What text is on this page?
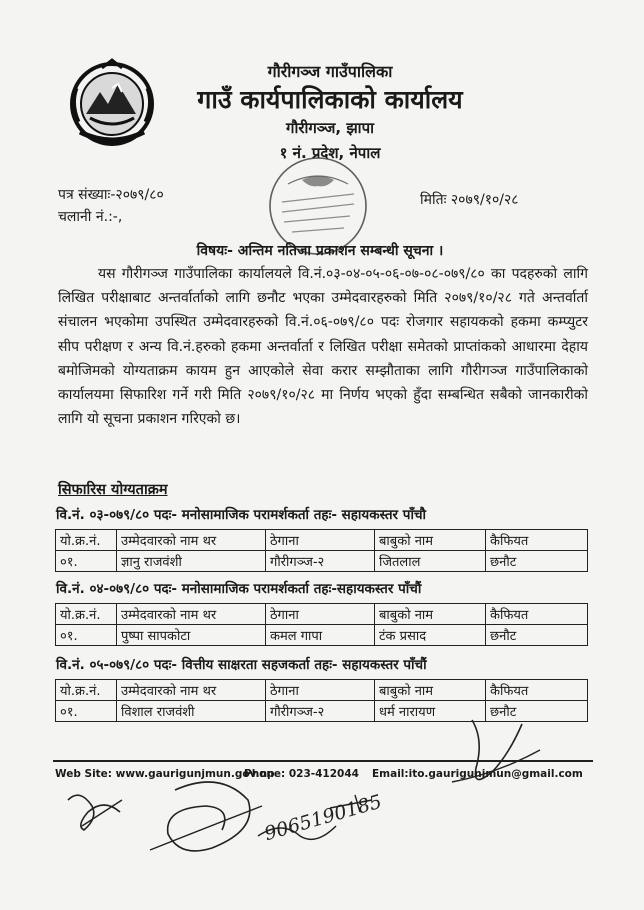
गौरीगञ्ज गाउँपालिका
गाउँ कार्यपालिकाको कार्यालय
गौरीगञ्ज, झापा
१ नं. प्रदेश, नेपाल
पत्र संख्याः-२०७९/८०
चलानी नं.:-,
मितिः २०७९/१०/२८
विषयः- अन्तिम नतिजा प्रकाशन सम्बन्धी सूचना ।

यस गौरीगञ्ज गाउँपालिका कार्यालयले वि.नं.०३-०४-०५-०६-०७-०८-०७९/८० का पदहरुको लागि लिखित परीक्षाबाट अन्तर्वार्ताको लागि छनौट भएका उम्मेदवारहरुको मिति २०७९/१०/२८ गते अन्तर्वार्ता संचालन भएकोमा उपस्थित उम्मेदवारहरुको वि.नं.०६-०७९/८० पदः रोजगार सहायकको हकमा कम्प्युटर सीप परीक्षण र अन्य वि.नं.हरुको हकमा अन्तर्वार्ता र लिखित परीक्षा समेतको प्राप्तांकको आधारमा देहाय बमोजिमको योग्यताक्रम कायम हुन आएकोले सेवा करार सम्झौताका लागि गौरीगञ्ज गाउँपालिकाको कार्यालयमा सिफारिश गर्ने गरी मिति २०७९/१०/२८ मा निर्णय भएको हुँदा सम्बन्धित सबैको जानकारीको लागि यो सूचना प्रकाशन गरिएको छ।

सिफारिस योग्यताक्रम
वि.नं. ०३-०७९/८० पदः- मनोसामाजिक परामर्शकर्ता तहः- सहायकस्तर पाँचौ
यो.क्र.नं.	उम्मेदवारको नाम थर	ठेगाना	बाबुको नाम	कैफियत
०१.	ज्ञानु राजवंशी	गौरीगञ्ज-२	जितलाल	छनौट
वि.नं. ०४-०७९/८० पदः- मनोसामाजिक परामर्शकर्ता तहः-सहायकस्तर पाँचौं
यो.क्र.नं.	उम्मेदवारको नाम थर	ठेगाना	बाबुको नाम	कैफियत
०१.	पुष्पा सापकोटा	कमल गापा	टंक प्रसाद	छनौट
वि.नं. ०५-०७९/८० पदः- वित्तीय साक्षरता सहजकर्ता तहः- सहायकस्तर पाँचौं
यो.क्र.नं.	उम्मेदवारको नाम थर	ठेगाना	बाबुको नाम	कैफियत
०१.	विशाल राजवंशी	गौरीगञ्ज-२	धर्म नारायण	छनौट
Web Site: www.gaurigunjmun.gov.np
Phone: 023-412044 Email:ito.gaurigunjmun@gmail.com
9065190185
